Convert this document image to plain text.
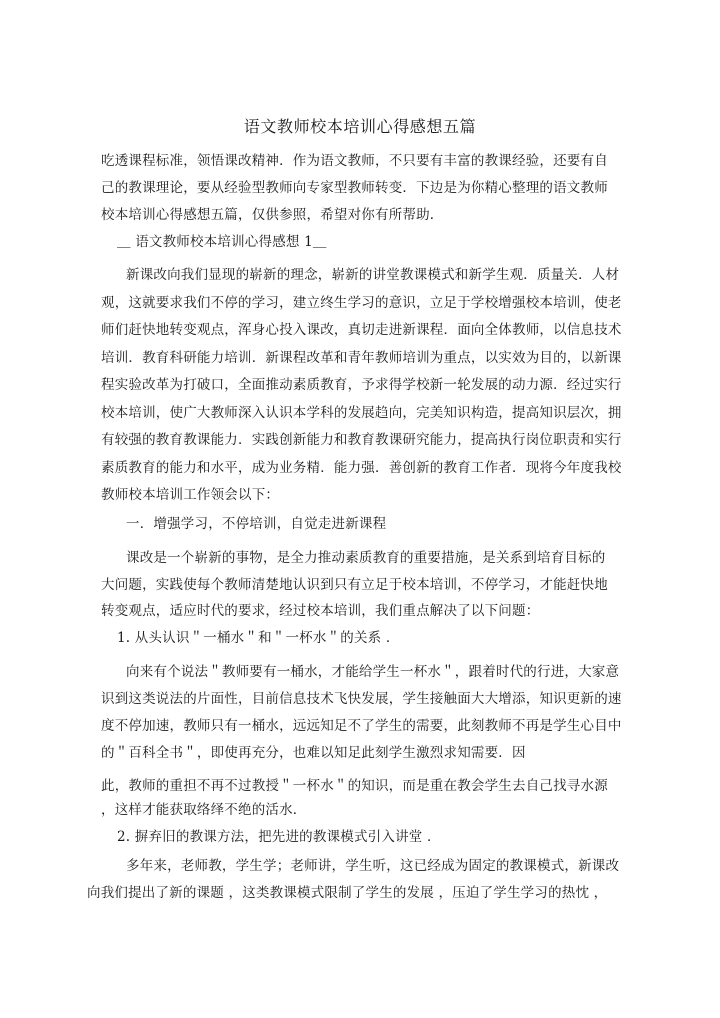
语文教师校本培训心得感想五篇
吃透课程标准，领悟课改精神．作为语文教师，不只要有丰富的教课经验，还要有自
己的教课理论，要从经验型教师向专家型教师转变．下边是为你精心整理的语文教师
校本培训心得感想五篇，仅供参照，希望对你有所帮助．
＿ 语文教师校本培训心得感想 1＿
新课改向我们显现的崭新的理念，崭新的讲堂教课模式和新学生观．质量关．人材
观，这就要求我们不停的学习，建立终生学习的意识，立足于学校增强校本培训，使老
师们赶快地转变观点，浑身心投入课改，真切走进新课程．面向全体教师，以信息技术
培训．教育科研能力培训．新课程改革和青年教师培训为重点，以实效为目的，以新课
程实验改革为打破口，全面推动素质教育，予求得学校新一轮发展的动力源．经过实行
校本培训，使广大教师深入认识本学科的发展趋向，完美知识构造，提高知识层次，拥
有较强的教育教课能力．实践创新能力和教育教课研究能力，提高执行岗位职责和实行
素质教育的能力和水平，成为业务精．能力强．善创新的教育工作者．现将今年度我校
教师校本培训工作领会以下：
一．增强学习，不停培训，自觉走进新课程
课改是一个崭新的事物，是全力推动素质教育的重要措施，是关系到培育目标的
大问题，实践使每个教师清楚地认识到只有立足于校本培训，不停学习，才能赶快地
转变观点，适应时代的要求，经过校本培训，我们重点解决了以下问题：
1. 从头认识＂一桶水＂和＂一杯水＂的关系 ．
向来有个说法＂教师要有一桶水，才能给学生一杯水＂，跟着时代的行进，大家意
识到这类说法的片面性，目前信息技术飞快发展，学生接触面大大增添，知识更新的速
度不停加速，教师只有一桶水，远远知足不了学生的需要，此刻教师不再是学生心目中
的＂百科全书＂，即使再充分，也难以知足此刻学生激烈求知需要．因
此，教师的重担不再不过教授＂一杯水＂的知识，而是重在教会学生去自己找寻水源
，这样才能获取络绎不绝的活水．
2. 摒弃旧的教课方法，把先进的教课模式引入讲堂 ．
多年来，老师教，学生学；老师讲，学生听，这已经成为固定的教课模式，新课改
向我们提出了新的课题 ，这类教课模式限制了学生的发展 ，压迫了学生学习的热忱 ，
